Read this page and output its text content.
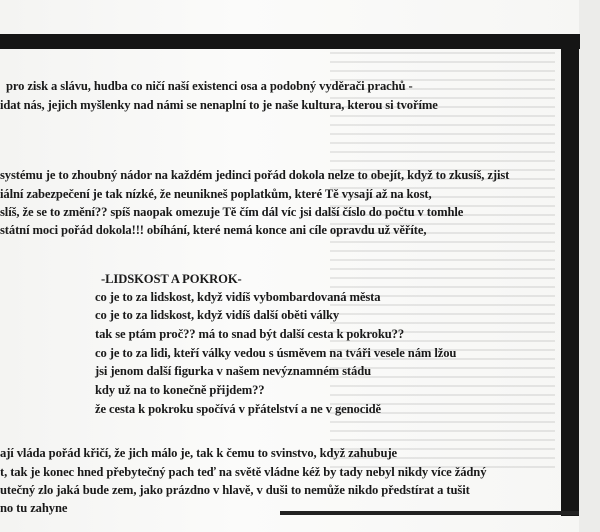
pro zisk a slávu, hudba co ničí naší existenci osa a podobný vyděrači prachů -
idat nás, jejich myšlenky nad námi se nenaplní to je naše kultura, kterou si tvoříme
systému je to zhoubný nádor na každém jedinci pořád dokola nelze to obejít, když to zkusíš, zjist
iální zabezpečení je tak nízké, že neunikneš poplatkům, které Tě vysají až na kost,
slíš, že se to změní?? spíš naopak omezuje Tě čím dál víc jsi další číslo do počtu v tomhle
státní moci pořád dokola!!! obíhání, které nemá konce ani cíle opravdu už věříte,
-LIDSKOST A POKROK-
co je to za lidskost, když vidíš vybombardovaná města
co je to za lidskost, když vidíš další oběti války
tak se ptám proč?? má to snad být další cesta k pokroku??
co je to za lidi, kteří války vedou s úsměvem na tváři vesele nám lžou
jsi jenom další figurka v našem nevýznamném stádu
kdy už na to konečně přijdem??
že cesta k pokroku spočívá v přátelství a ne v genocidě
ají vláda pořád křičí, že jich málo je, tak k čemu to svinstvo, když zahubuje
t, tak je konec hned přebytečný pach teď na světě vládne kéž by tady nebyl nikdy více žádný
utečný zlo jaká bude zem, jako prázdno v hlavě, v duši to nemůže nikdo předstírat a tušit
no tu zahyne
